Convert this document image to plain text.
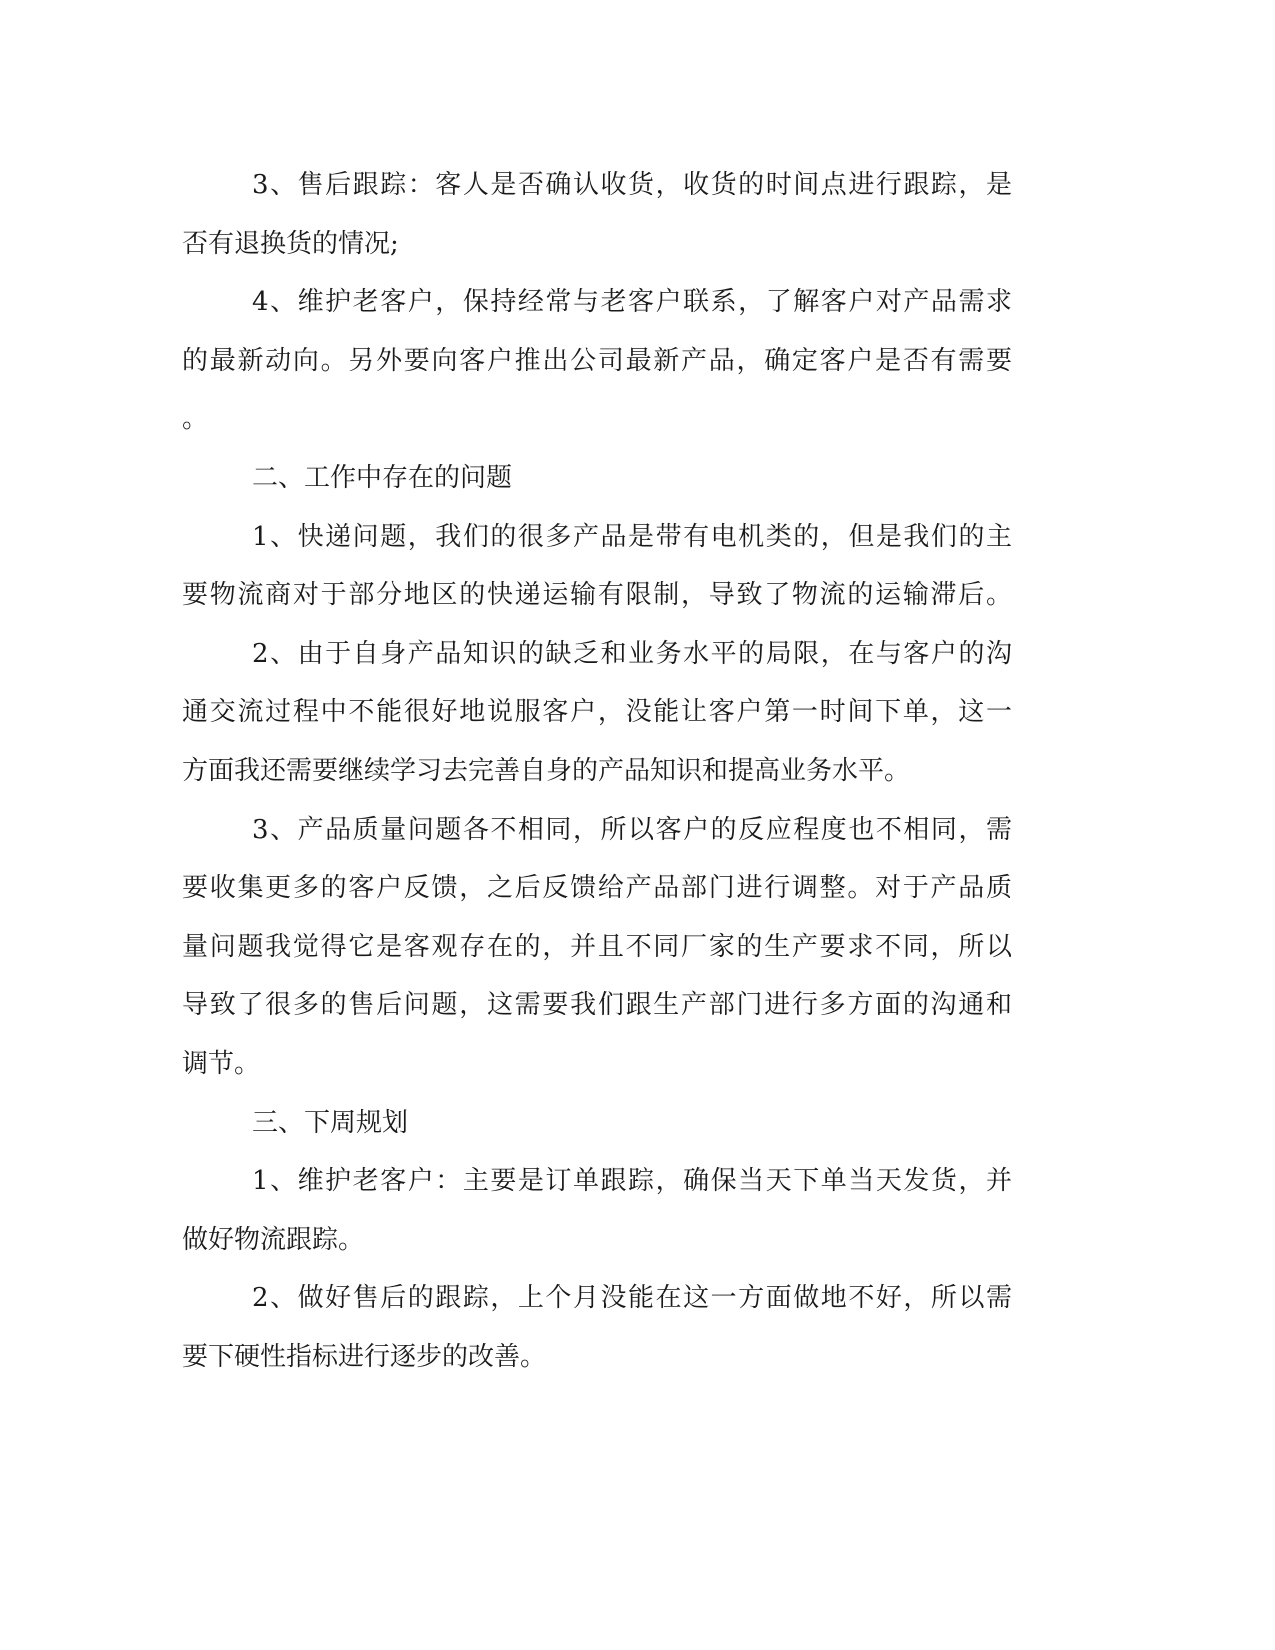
3、售后跟踪：客人是否确认收货，收货的时间点进行跟踪，是
否有退换货的情况;
4、维护老客户，保持经常与老客户联系，了解客户对产品需求
的最新动向。另外要向客户推出公司最新产品，确定客户是否有需要
。
二、工作中存在的问题
1、快递问题，我们的很多产品是带有电机类的，但是我们的主
要物流商对于部分地区的快递运输有限制，导致了物流的运输滞后。
2、由于自身产品知识的缺乏和业务水平的局限，在与客户的沟
通交流过程中不能很好地说服客户，没能让客户第一时间下单，这一
方面我还需要继续学习去完善自身的产品知识和提高业务水平。
3、产品质量问题各不相同，所以客户的反应程度也不相同，需
要收集更多的客户反馈，之后反馈给产品部门进行调整。对于产品质
量问题我觉得它是客观存在的，并且不同厂家的生产要求不同，所以
导致了很多的售后问题，这需要我们跟生产部门进行多方面的沟通和
调节。
三、下周规划
1、维护老客户：主要是订单跟踪，确保当天下单当天发货，并
做好物流跟踪。
2、做好售后的跟踪，上个月没能在这一方面做地不好，所以需
要下硬性指标进行逐步的改善。
